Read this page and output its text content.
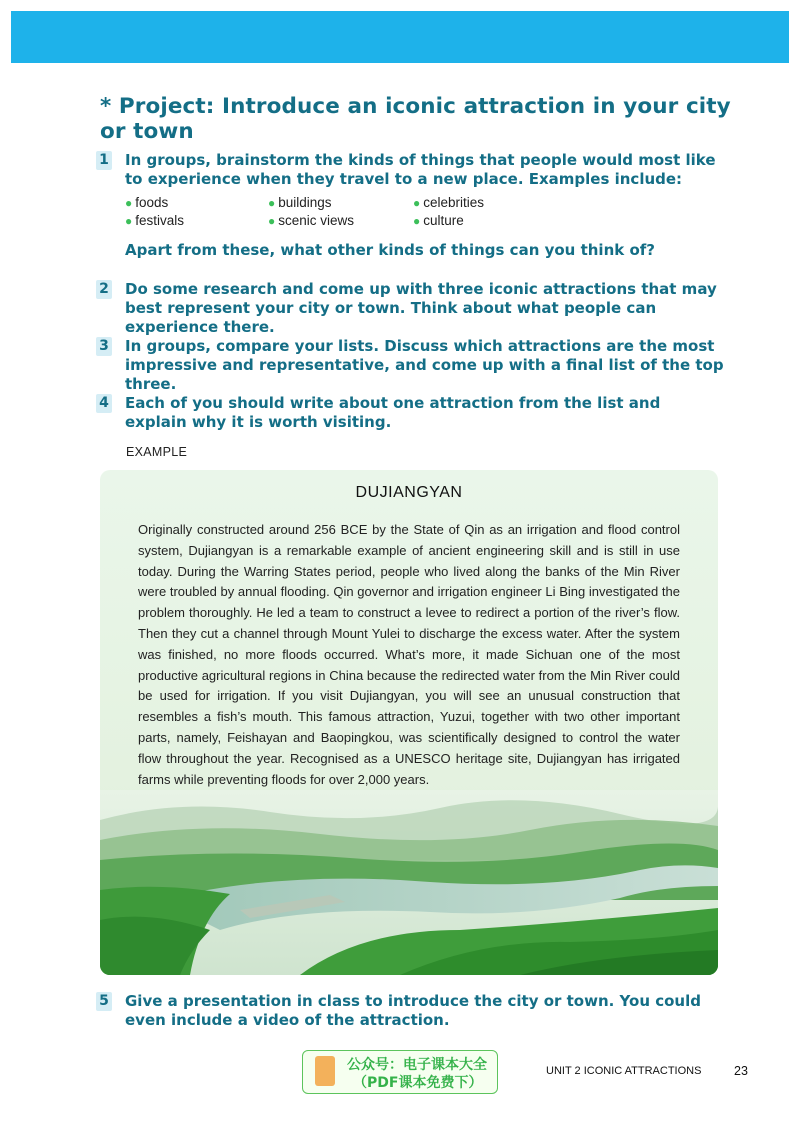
* Project: Introduce an iconic attraction in your city or town
1 In groups, brainstorm the kinds of things that people would most like to experience when they travel to a new place. Examples include:
● foods	● buildings	● celebrities
● festivals	● scenic views	● culture
Apart from these, what other kinds of things can you think of?
2 Do some research and come up with three iconic attractions that may best represent your city or town. Think about what people can experience there.
3 In groups, compare your lists. Discuss which attractions are the most impressive and representative, and come up with a final list of the top three.
4 Each of you should write about one attraction from the list and explain why it is worth visiting.
EXAMPLE
DUJIANGYAN
Originally constructed around 256 BCE by the State of Qin as an irrigation and flood control system, Dujiangyan is a remarkable example of ancient engineering skill and is still in use today. During the Warring States period, people who lived along the banks of the Min River were troubled by annual flooding. Qin governor and irrigation engineer Li Bing investigated the problem thoroughly. He led a team to construct a levee to redirect a portion of the river’s flow. Then they cut a channel through Mount Yulei to discharge the excess water. After the system was finished, no more floods occurred. What’s more, it made Sichuan one of the most productive agricultural regions in China because the redirected water from the Min River could be used for irrigation. If you visit Dujiangyan, you will see an unusual construction that resembles a fish’s mouth. This famous attraction, Yuzui, together with two other important parts, namely, Feishayan and Baopingkou, was scientifically designed to control the water flow throughout the year. Recognised as a UNESCO heritage site, Dujiangyan has irrigated farms while preventing floods for over 2,000 years.
5 Give a presentation in class to introduce the city or town. You could even include a video of the attraction.
公众号：电子课本大全
（PDF课本免费下）
UNIT 2 ICONIC ATTRACTIONS	23
